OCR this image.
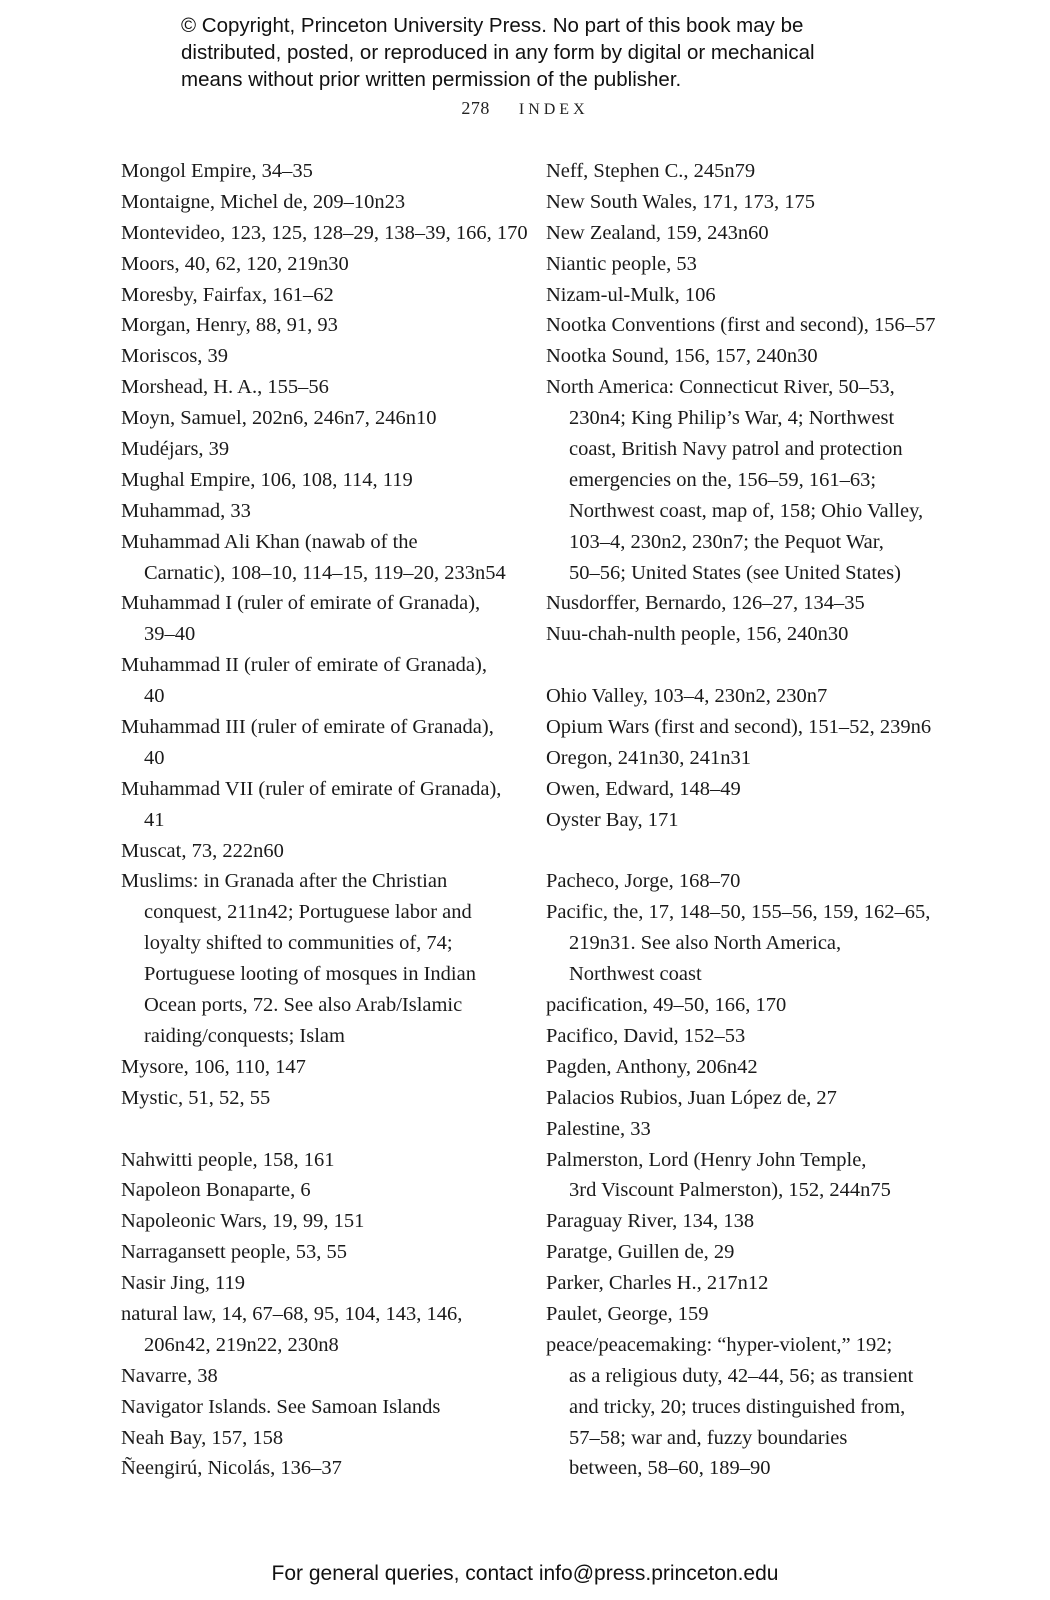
© Copyright, Princeton University Press. No part of this book may be
distributed, posted, or reproduced in any form by digital or mechanical
means without prior written permission of the publisher.
278 INDEX
Mongol Empire, 34–35
Montaigne, Michel de, 209–10n23
Montevideo, 123, 125, 128–29, 138–39, 166, 170
Moors, 40, 62, 120, 219n30
Moresby, Fairfax, 161–62
Morgan, Henry, 88, 91, 93
Moriscos, 39
Morshead, H. A., 155–56
Moyn, Samuel, 202n6, 246n7, 246n10
Mudéjars, 39
Mughal Empire, 106, 108, 114, 119
Muhammad, 33
Muhammad Ali Khan (nawab of the
Carnatic), 108–10, 114–15, 119–20, 233n54
Muhammad I (ruler of emirate of Granada),
39–40
Muhammad II (ruler of emirate of Granada),
40
Muhammad III (ruler of emirate of Granada),
40
Muhammad VII (ruler of emirate of Granada),
41
Muscat, 73, 222n60
Muslims: in Granada after the Christian
conquest, 211n42; Portuguese labor and
loyalty shifted to communities of, 74;
Portuguese looting of mosques in Indian
Ocean ports, 72. See also Arab/Islamic
raiding/conquests; Islam
Mysore, 106, 110, 147
Mystic, 51, 52, 55
Nahwitti people, 158, 161
Napoleon Bonaparte, 6
Napoleonic Wars, 19, 99, 151
Narragansett people, 53, 55
Nasir Jing, 119
natural law, 14, 67–68, 95, 104, 143, 146,
206n42, 219n22, 230n8
Navarre, 38
Navigator Islands. See Samoan Islands
Neah Bay, 157, 158
Ñeengirú, Nicolás, 136–37
Neff, Stephen C., 245n79
New South Wales, 171, 173, 175
New Zealand, 159, 243n60
Niantic people, 53
Nizam-ul-Mulk, 106
Nootka Conventions (first and second), 156–57
Nootka Sound, 156, 157, 240n30
North America: Connecticut River, 50–53,
230n4; King Philip’s War, 4; Northwest
coast, British Navy patrol and protection
emergencies on the, 156–59, 161–63;
Northwest coast, map of, 158; Ohio Valley,
103–4, 230n2, 230n7; the Pequot War,
50–56; United States (see United States)
Nusdorffer, Bernardo, 126–27, 134–35
Nuu-chah-nulth people, 156, 240n30
Ohio Valley, 103–4, 230n2, 230n7
Opium Wars (first and second), 151–52, 239n6
Oregon, 241n30, 241n31
Owen, Edward, 148–49
Oyster Bay, 171
Pacheco, Jorge, 168–70
Pacific, the, 17, 148–50, 155–56, 159, 162–65,
219n31. See also North America,
Northwest coast
pacification, 49–50, 166, 170
Pacifico, David, 152–53
Pagden, Anthony, 206n42
Palacios Rubios, Juan López de, 27
Palestine, 33
Palmerston, Lord (Henry John Temple,
3rd Viscount Palmerston), 152, 244n75
Paraguay River, 134, 138
Paratge, Guillen de, 29
Parker, Charles H., 217n12
Paulet, George, 159
peace/peacemaking: “hyper-violent,” 192;
as a religious duty, 42–44, 56; as transient
and tricky, 20; truces distinguished from,
57–58; war and, fuzzy boundaries
between, 58–60, 189–90
For general queries, contact info@press.princeton.edu
